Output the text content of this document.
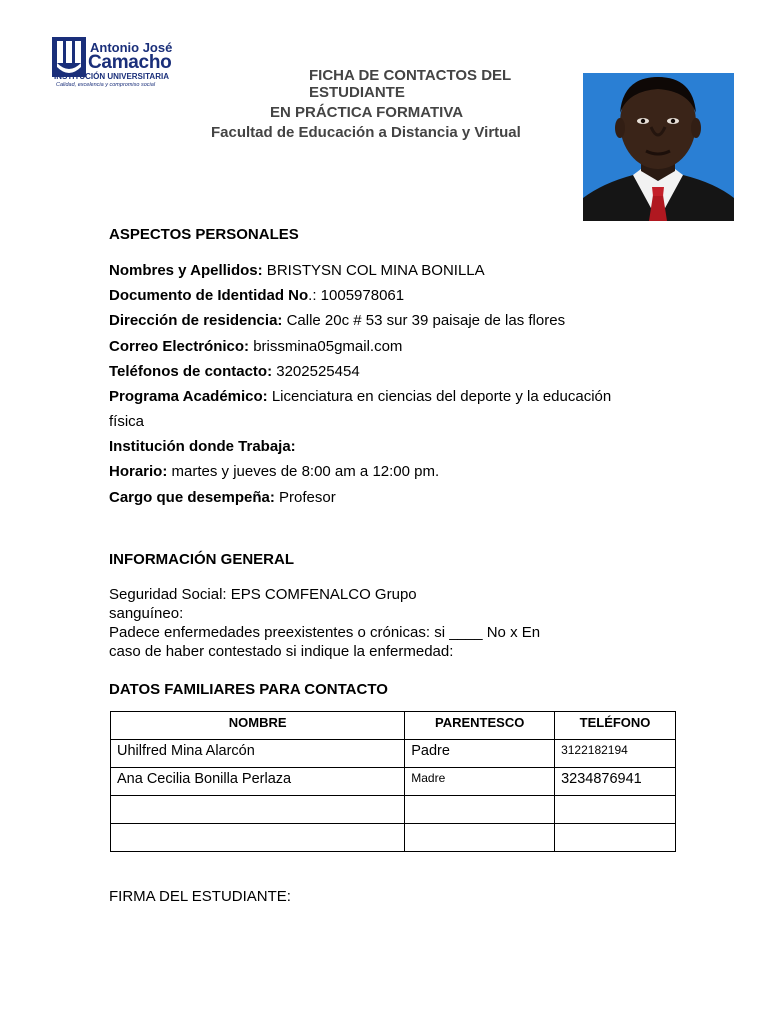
Antonio José
Camacho
INSTITUCIÓN UNIVERSITARIA
Calidad, excelencia y compromiso social
FICHA DE CONTACTOS DEL
ESTUDIANTE
EN PRÁCTICA FORMATIVA
Facultad de Educación a Distancia y Virtual
ASPECTOS PERSONALES
Nombres y Apellidos: BRISTYSN COL MINA BONILLA
Documento de Identidad No.: 1005978061
Dirección de residencia: Calle 20c # 53 sur 39 paisaje de las flores
Correo Electrónico: brissmina05gmail.com
Teléfonos de contacto: 3202525454
Programa Académico: Licenciatura en ciencias del deporte y la educación
física
Institución donde Trabaja:
Horario: martes y jueves de 8:00 am a 12:00 pm.
Cargo que desempeña: Profesor
INFORMACIÓN GENERAL
Seguridad Social: EPS COMFENALCO Grupo
sanguíneo:
Padece enfermedades preexistentes o crónicas: si ____ No x En
caso de haber contestado si indique la enfermedad:
DATOS FAMILIARES PARA CONTACTO
NOMBRE	PARENTESCO	TELÉFONO
Uhilfred Mina Alarcón	Padre	3122182194
Ana Cecilia Bonilla Perlaza	Madre	3234876941

FIRMA DEL ESTUDIANTE:
